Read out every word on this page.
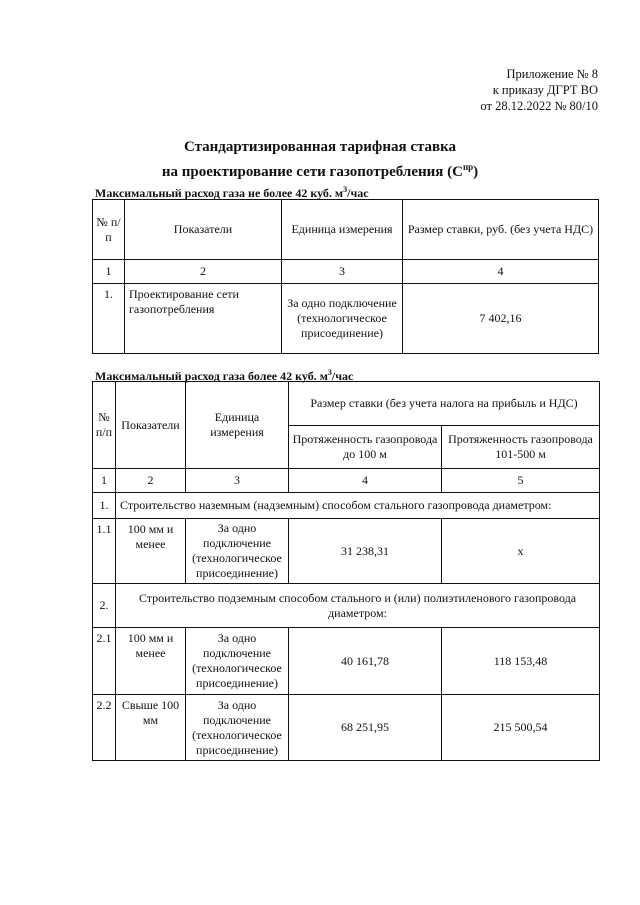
Приложение № 8
к приказу ДГРТ ВО
от 28.12.2022 № 80/10
Стандартизированная тарифная ставка
на проектирование сети газопотребления $(С^{пр})$
Максимальный расход газа не более 42 куб. $м^3$/час
№ п/п	Показатели	Единица измерения	Размер ставки, руб. (без учета НДС)
1	2	3	4
1.	Проектирование сети газопотребления	За одно подключение (технологическое присоединение)	7 402,16
Максимальный расход газа более 42 куб. $м^3$/час
№ п/п	Показатели	Единица измерения	Размер ставки (без учета налога на прибыль и НДС)	
			Протяженность газопровода до 100 м	Протяженность газопровода 101-500 м
1	2	3	4	5
1.	Строительство наземным (надземным) способом стального газопровода диаметром:			
1.1	100 мм и менее	За одно подключение (технологическое присоединение)	31 238,31	х
2.	Строительство подземным способом стального и (или) полиэтиленового газопровода диаметром:			
2.1	100 мм и менее	За одно подключение (технологическое присоединение)	40 161,78	118 153,48
2.2	Свыше 100 мм	За одно подключение (технологическое присоединение)	68 251,95	215 500,54
